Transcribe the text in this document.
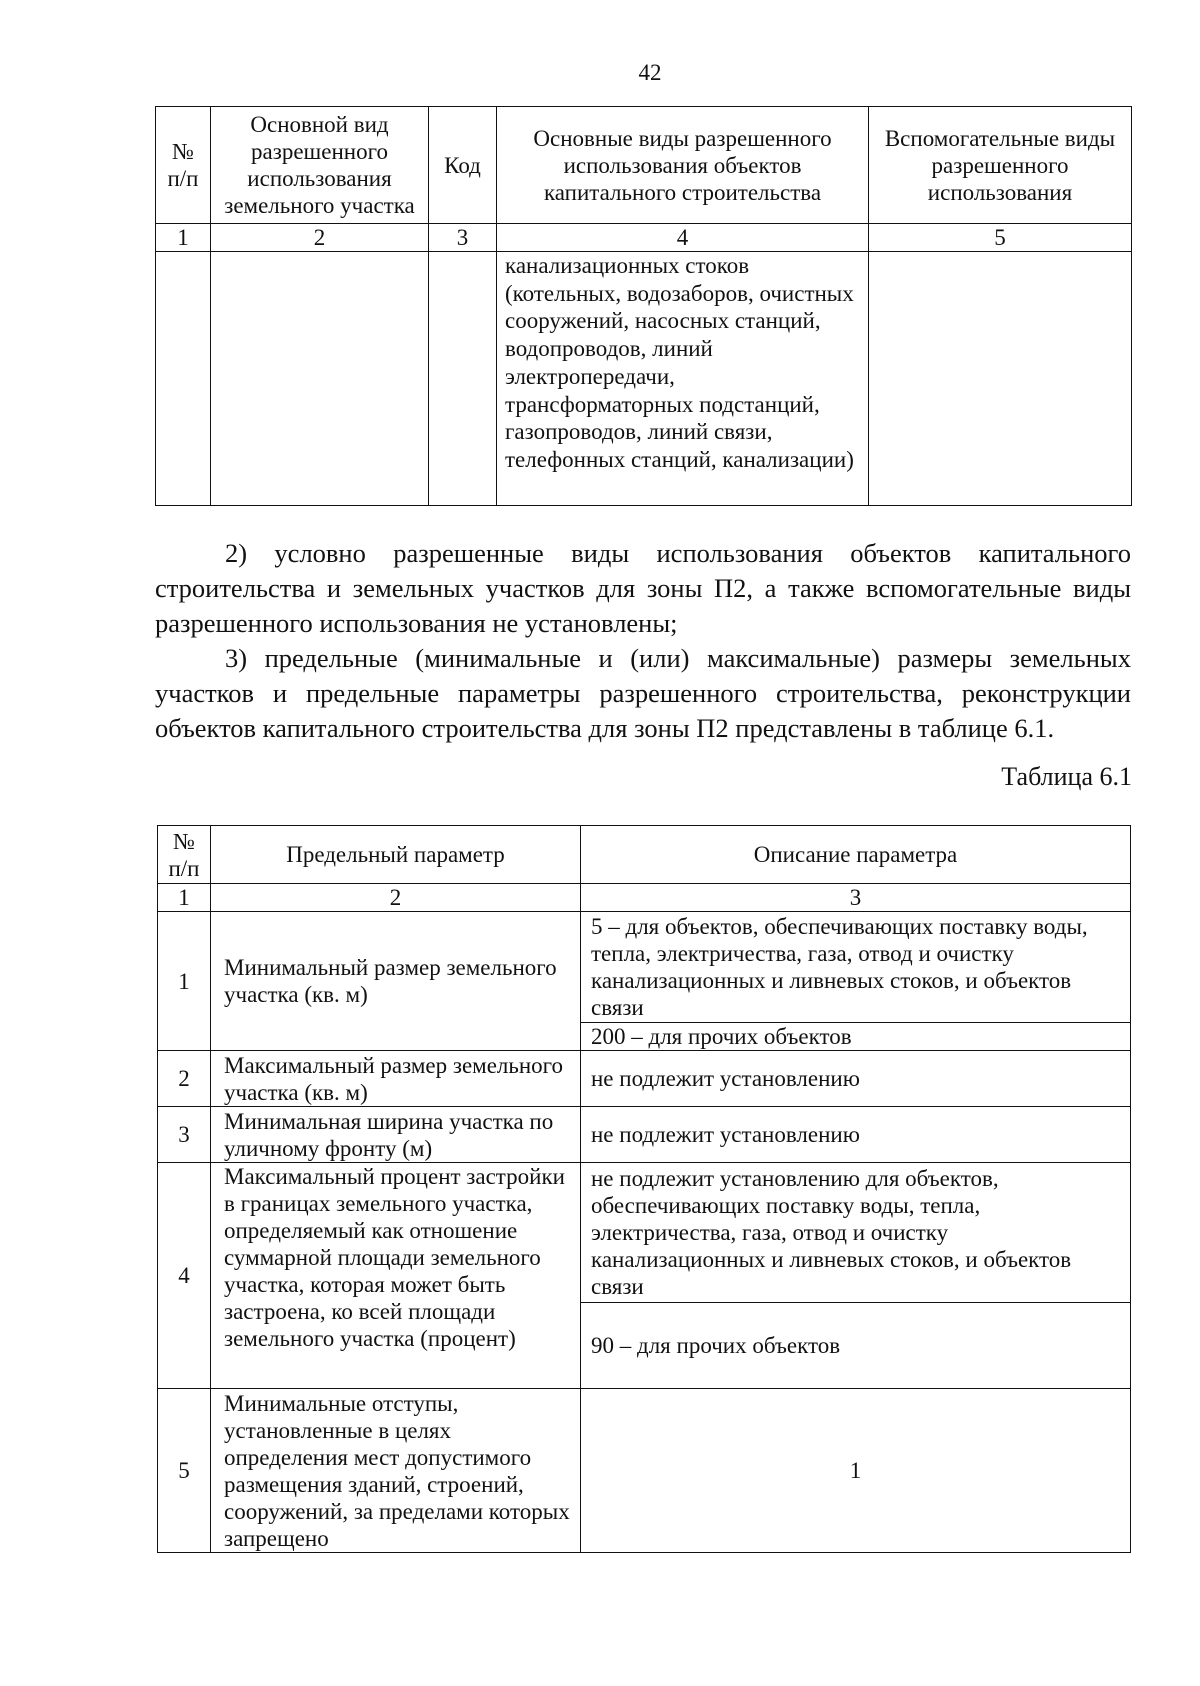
42
№ п/п	Основной вид разрешенного использования земельного участка	Код	Основные виды разрешенного использования объектов капитального строительства	Вспомогательные виды разрешенного использования
1	2	3	4	5
			канализационных стоков (котельных, водозаборов, очистных сооружений, насосных станций, водопроводов, линий электропередачи, трансформаторных подстанций, газопроводов, линий связи, телефонных станций, канализации)	

2) условно разрешенные виды использования объектов капитального строительства и земельных участков для зоны П2, а также вспомогательные виды разрешенного использования не установлены;

3) предельные (минимальные и (или) максимальные) размеры земельных участков и предельные параметры разрешенного строительства, реконструкции объектов капитального строительства для зоны П2 представлены в таблице 6.1.

Таблица 6.1
№ п/п	Предельный параметр	Описание параметра
1	2	3
1	Минимальный размер земельного участка (кв. м)	5 – для объектов, обеспечивающих поставку воды, тепла, электричества, газа, отвод и очистку канализационных и ливневых стоков, и объектов связи
		200 – для прочих объектов
2	Максимальный размер земельного участка (кв. м)	не подлежит установлению
3	Минимальная ширина участка по уличному фронту (м)	не подлежит установлению
4	Максимальный процент застройки в границах земельного участка, определяемый как отношение суммарной площади земельного участка, которая может быть застроена, ко всей площади земельного участка (процент)	не подлежит установлению для объектов, обеспечивающих поставку воды, тепла, электричества, газа, отвод и очистку канализационных и ливневых стоков, и объектов связи
		90 – для прочих объектов
5	Минимальные отступы, установленные в целях определения мест допустимого размещения зданий, строений, сооружений, за пределами которых запрещено	1
